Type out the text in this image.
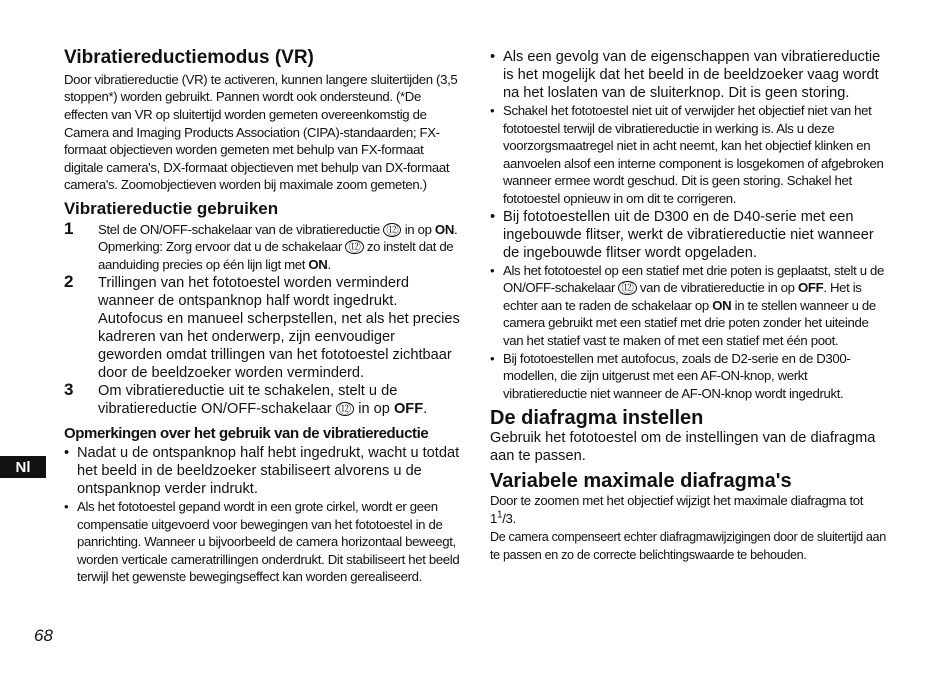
Nl
68
Vibratiereductiemodus (VR)

Door vibratiereductie (VR) te activeren, kunnen langere sluitertijden (3,5 stoppen*) worden gebruikt. Pannen wordt ook ondersteund. (*De effecten van VR op sluitertijd worden gemeten overeenkomstig de Camera and Imaging Products Association (CIPA)-standaarden; FX-formaat objectieven worden gemeten met behulp van FX-formaat digitale camera's, DX-formaat objectieven met behulp van DX-formaat camera's. Zoomobjectieven worden bij maximale zoom gemeten.)

Vibratiereductie gebruiken
1 Stel de ON/OFF-schakelaar van de vibratiereductie ⑫ in op ON. Opmerking: Zorg ervoor dat u de schakelaar ⑫ zo instelt dat de aanduiding precies op één lijn ligt met ON.
2 Trillingen van het fototoestel worden verminderd wanneer de ontspanknop half wordt ingedrukt. Autofocus en manueel scherpstellen, net als het precies kadreren van het onderwerp, zijn eenvoudiger geworden omdat trillingen van het fototoestel zichtbaar door de beeldzoeker worden verminderd.
3 Om vibratiereductie uit te schakelen, stelt u de vibratiereductie ON/OFF-schakelaar ⑫ in op OFF.
Opmerkingen over het gebruik van de vibratiereductie
• Nadat u de ontspanknop half hebt ingedrukt, wacht u totdat het beeld in de beeldzoeker stabiliseert alvorens u de ontspanknop verder indrukt.
• Als het fototoestel gepand wordt in een grote cirkel, wordt er geen compensatie uitgevoerd voor bewegingen van het fototoestel in de panrichting. Wanneer u bijvoorbeeld de camera horizontaal beweegt, worden verticale cameratrillingen onderdrukt. Dit stabiliseert het beeld terwijl het gewenste bewegingseffect kan worden gerealiseerd.
• Als een gevolg van de eigenschappen van vibratiereductie is het mogelijk dat het beeld in de beeldzoeker vaag wordt na het loslaten van de sluiterknop. Dit is geen storing.
• Schakel het fototoestel niet uit of verwijder het objectief niet van het fototoestel terwijl de vibratiereductie in werking is. Als u deze voorzorgsmaatregel niet in acht neemt, kan het objectief klinken en aanvoelen alsof een interne component is losgekomen of afgebroken wanneer ermee wordt geschud. Dit is geen storing. Schakel het fototoestel opnieuw in om dit te corrigeren.
• Bij fototoestellen uit de D300 en de D40-serie met een ingebouwde flitser, werkt de vibratiereductie niet wanneer de ingebouwde flitser wordt opgeladen.
• Als het fototoestel op een statief met drie poten is geplaatst, stelt u de ON/OFF-schakelaar ⑫ van de vibratiereductie in op OFF. Het is echter aan te raden de schakelaar op ON in te stellen wanneer u de camera gebruikt met een statief met drie poten zonder het uiteinde van het statief vast te maken of met een statief met één poot.
• Bij fototoestellen met autofocus, zoals de D2-serie en de D300-modellen, die zijn uitgerust met een AF-ON-knop, werkt vibratiereductie niet wanneer de AF-ON-knop wordt ingedrukt.
De diafragma instellen

Gebruik het fototoestel om de instellingen van de diafragma aan te passen.

Variabele maximale diafragma's

Door te zoomen met het objectief wijzigt het maximale diafragma tot $1^1/3$.

De camera compenseert echter diafragmawijzigingen door de sluitertijd aan te passen en zo de correcte belichtingswaarde te behouden.
